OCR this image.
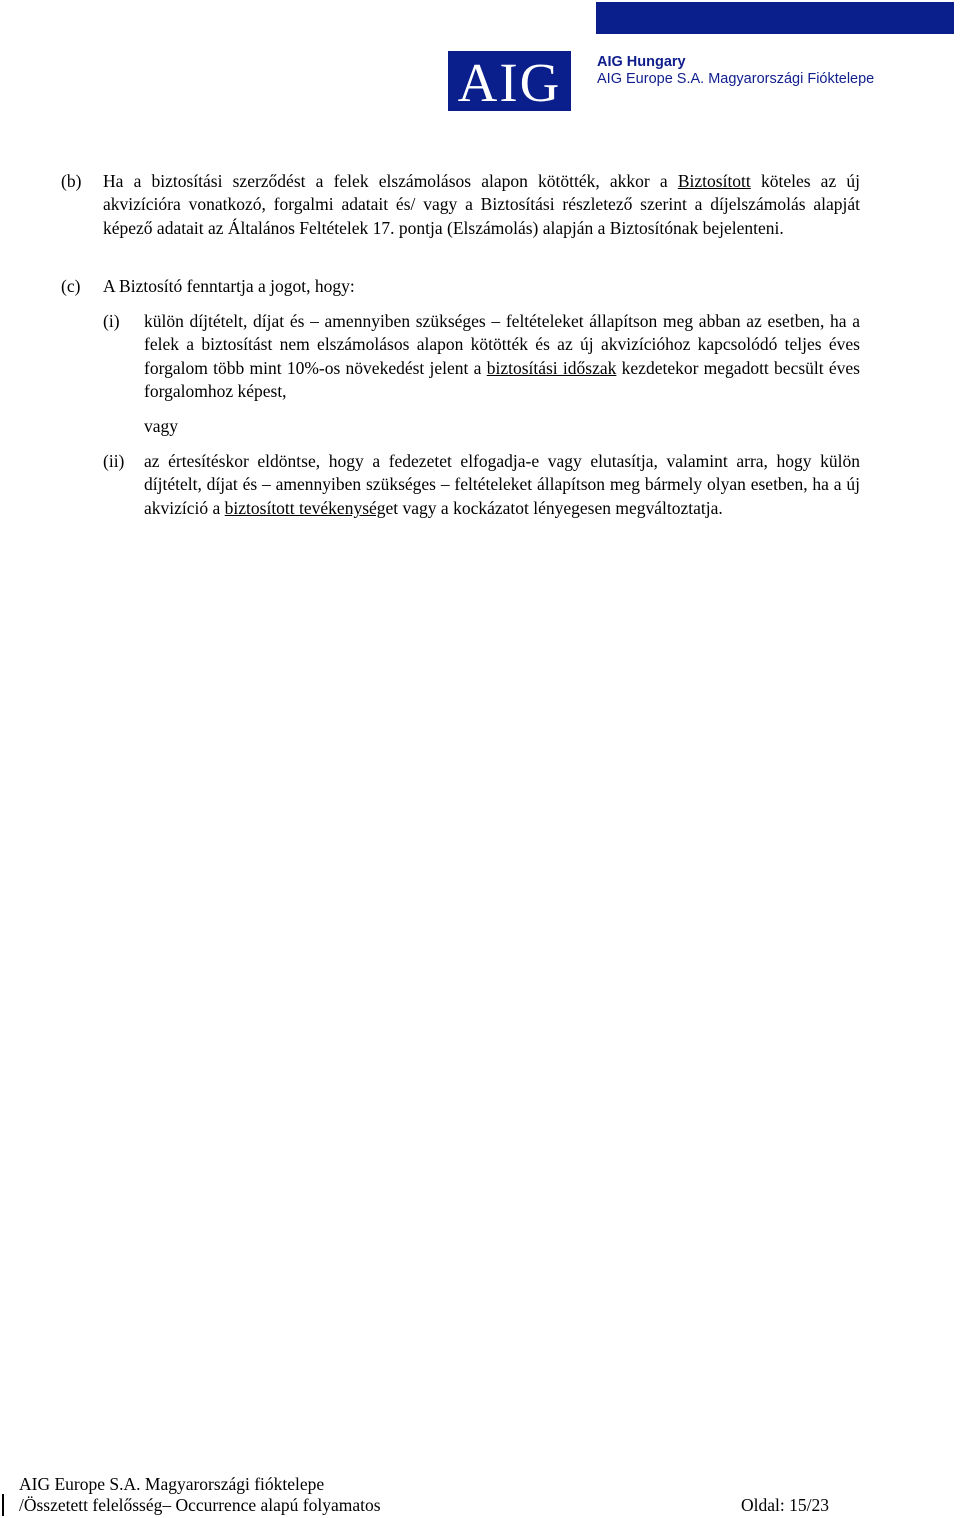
AIG AIG Hungary
AIG Europe S.A. Magyarországi Fióktelepe
(b) Ha a biztosítási szerződést a felek elszámolásos alapon kötötték, akkor a Biztosított köteles az új akvizícióra vonatkozó, forgalmi adatait és/ vagy a Biztosítási részletező szerint a díjelszámolás alapját képező adatait az Általános Feltételek 17. pontja (Elszámolás) alapján a Biztosítónak bejelenteni.

(c) A Biztosító fenntartja a jogot, hogy:
(i) külön díjtételt, díjat és – amennyiben szükséges – feltételeket állapítson meg abban az esetben, ha a felek a biztosítást nem elszámolásos alapon kötötték és az új akvizícióhoz kapcsolódó teljes éves forgalom több mint 10%-os növekedést jelent a biztosítási időszak kezdetekor megadott becsült éves forgalomhoz képest,

vagy
(ii) az értesítéskor eldöntse, hogy a fedezetet elfogadja-e vagy elutasítja, valamint arra, hogy külön díjtételt, díjat és – amennyiben szükséges – feltételeket állapítson meg bármely olyan esetben, ha a új akvizíció a biztosított tevékenységet vagy a kockázatot lényegesen megváltoztatja.

AIG Europe S.A. Magyarországi fióktelepe
/Összetett felelősség– Occurrence alapú folyamatos	Oldal: 15/23
